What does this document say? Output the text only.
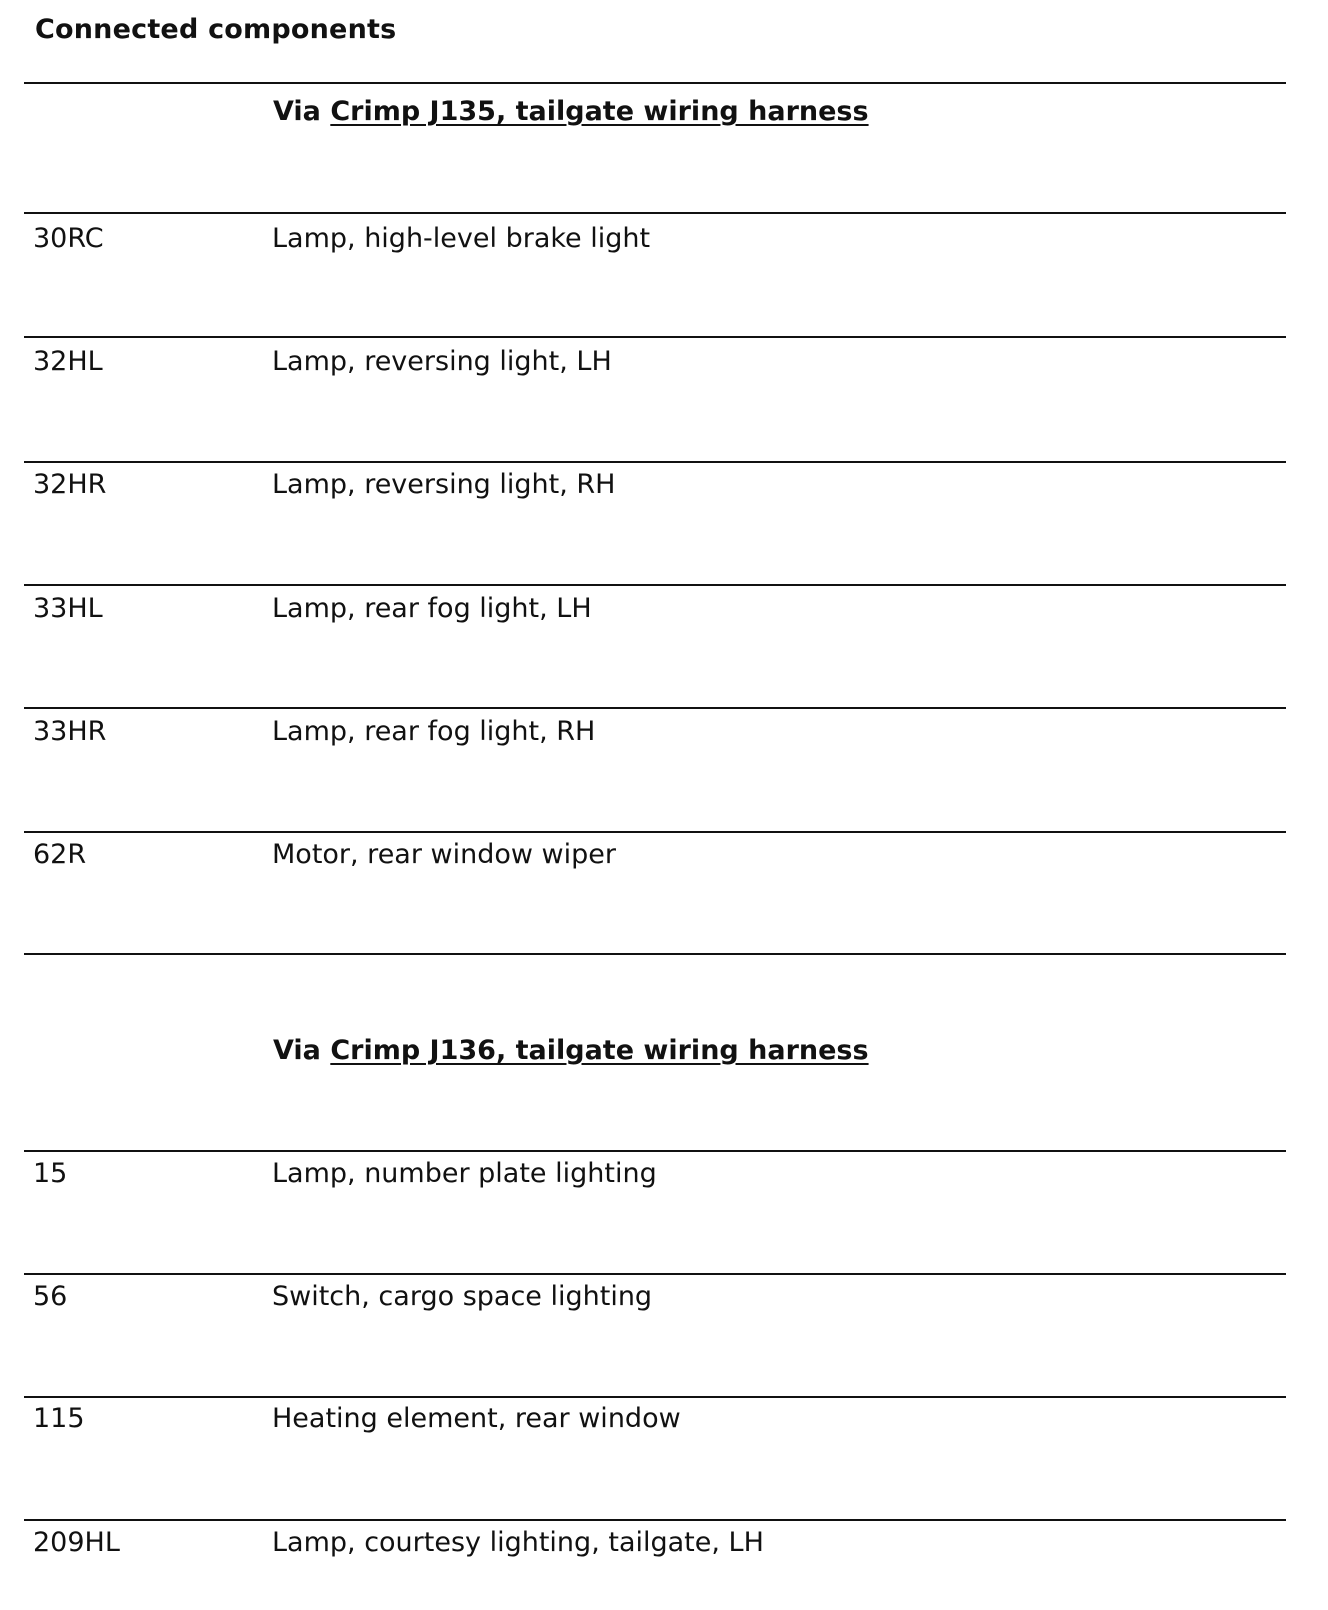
Connected components
Via Crimp J135, tailgate wiring harness
30RC	Lamp, high-level brake light
32HL	Lamp, reversing light, LH
32HR	Lamp, reversing light, RH
33HL	Lamp, rear fog light, LH
33HR	Lamp, rear fog light, RH
62R	Motor, rear window wiper
Via Crimp J136, tailgate wiring harness
15	Lamp, number plate lighting
56	Switch, cargo space lighting
115	Heating element, rear window
209HL	Lamp, courtesy lighting, tailgate, LH
